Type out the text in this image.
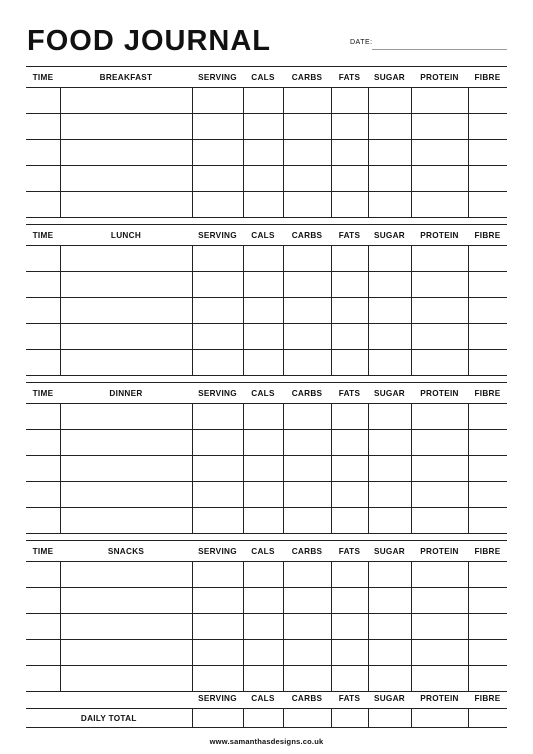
FOOD JOURNAL	DATE:
TIME	BREAKFAST	SERVING	CALS	CARBS	FATS	SUGAR	PROTEIN	FIBRE

TIME	LUNCH	SERVING	CALS	CARBS	FATS	SUGAR	PROTEIN	FIBRE

TIME	DINNER	SERVING	CALS	CARBS	FATS	SUGAR	PROTEIN	FIBRE

TIME	SNACKS	SERVING	CALS	CARBS	FATS	SUGAR	PROTEIN	FIBRE

	SERVING	CALS	CARBS	FATS	SUGAR	PROTEIN	FIBRE
DAILY TOTAL							
www.samanthasdesigns.co.uk
